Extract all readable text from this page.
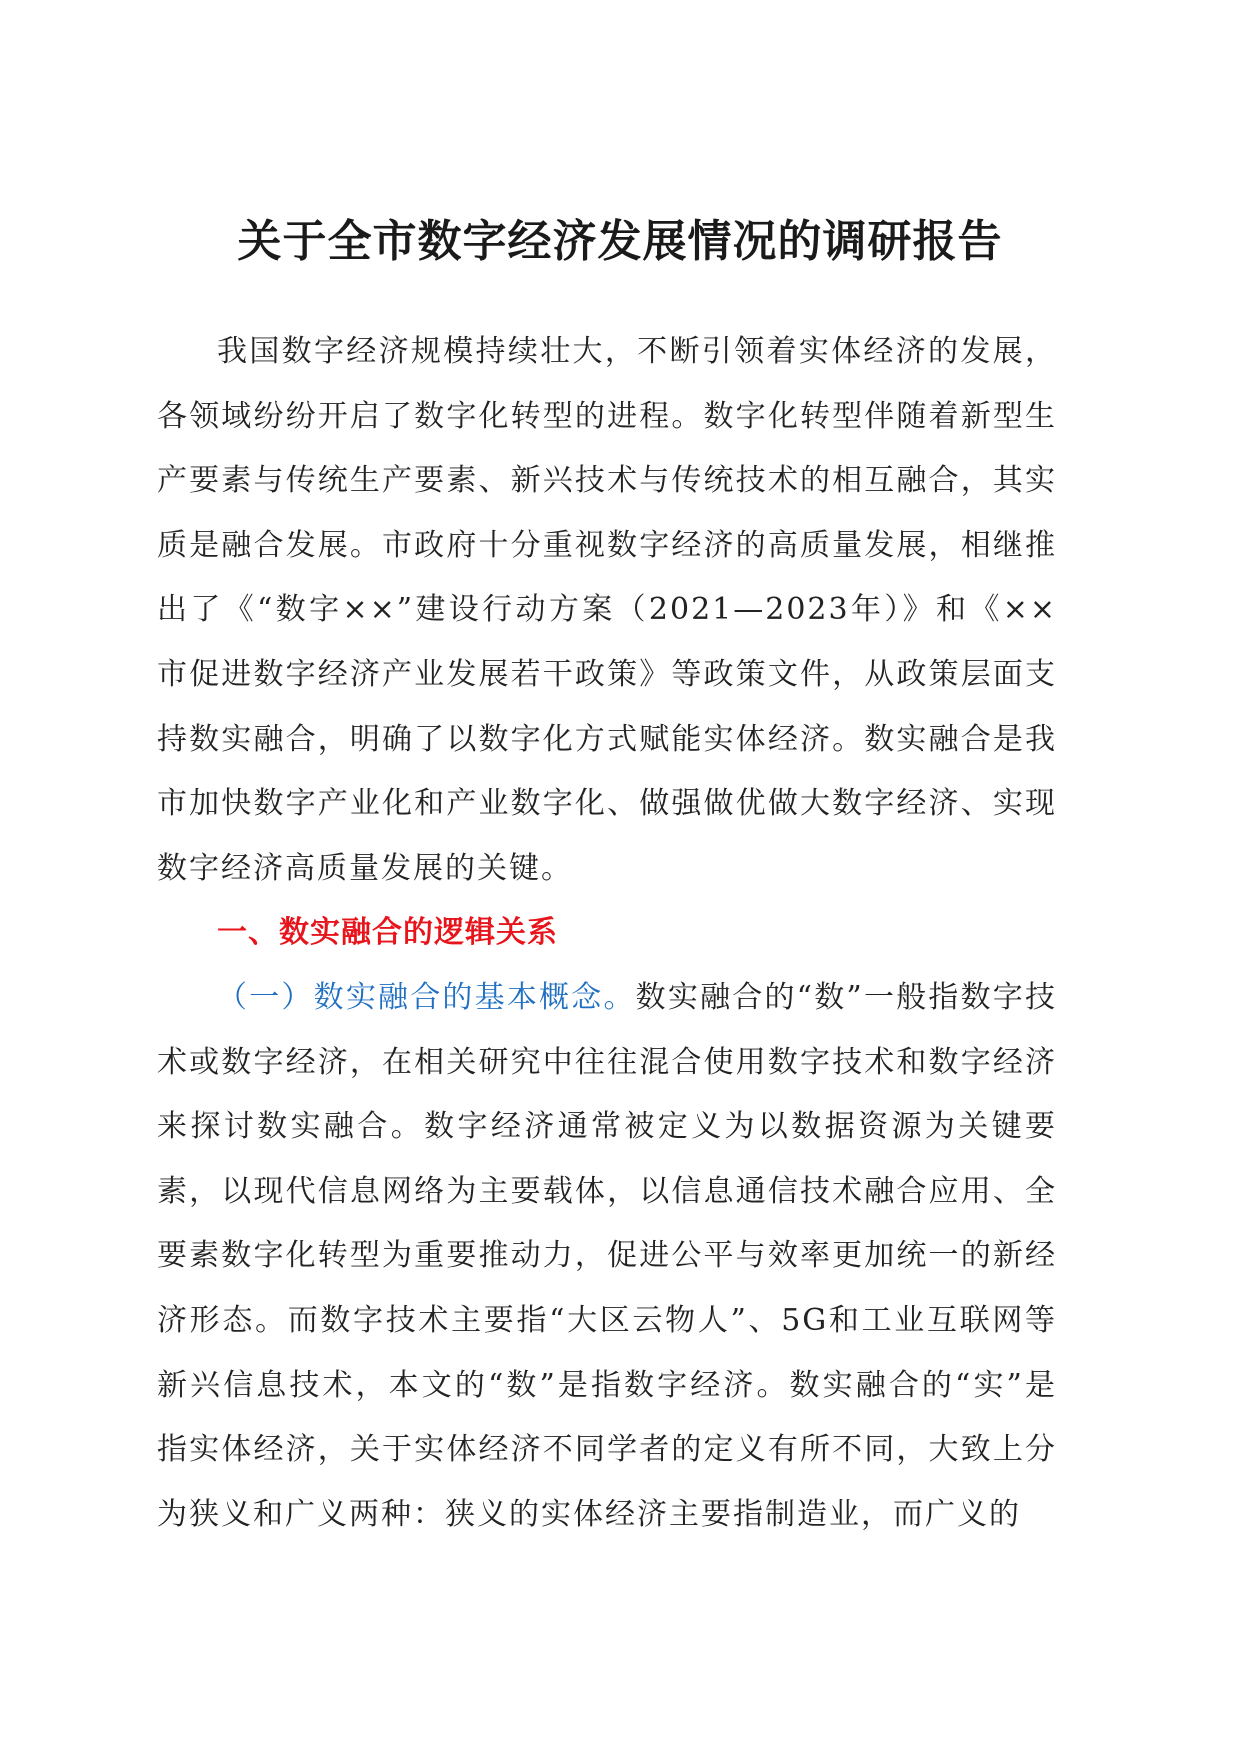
关于全市数字经济发展情况的调研报告

我国数字经济规模持续壮大，不断引领着实体经济的发展，各领域纷纷开启了数字化转型的进程。数字化转型伴随着新型生产要素与传统生产要素、新兴技术与传统技术的相互融合，其实质是融合发展。市政府十分重视数字经济的高质量发展，相继推出了《“数字××”建设行动方案（2021—2023年）》和《××市促进数字经济产业发展若干政策》等政策文件，从政策层面支持数实融合，明确了以数字化方式赋能实体经济。数实融合是我市加快数字产业化和产业数字化、做强做优做大数字经济、实现数字经济高质量发展的关键。

一、数实融合的逻辑关系

（一）数实融合的基本概念。数实融合的“数”一般指数字技术或数字经济，在相关研究中往往混合使用数字技术和数字经济来探讨数实融合。数字经济通常被定义为以数据资源为关键要素，以现代信息网络为主要载体，以信息通信技术融合应用、全要素数字化转型为重要推动力，促进公平与效率更加统一的新经济形态。而数字技术主要指“大区云物人”、5G和工业互联网等新兴信息技术，本文的“数”是指数字经济。数实融合的“实”是指实体经济，关于实体经济不同学者的定义有所不同，大致上分为狭义和广义两种：狭义的实体经济主要指制造业，而广义的
